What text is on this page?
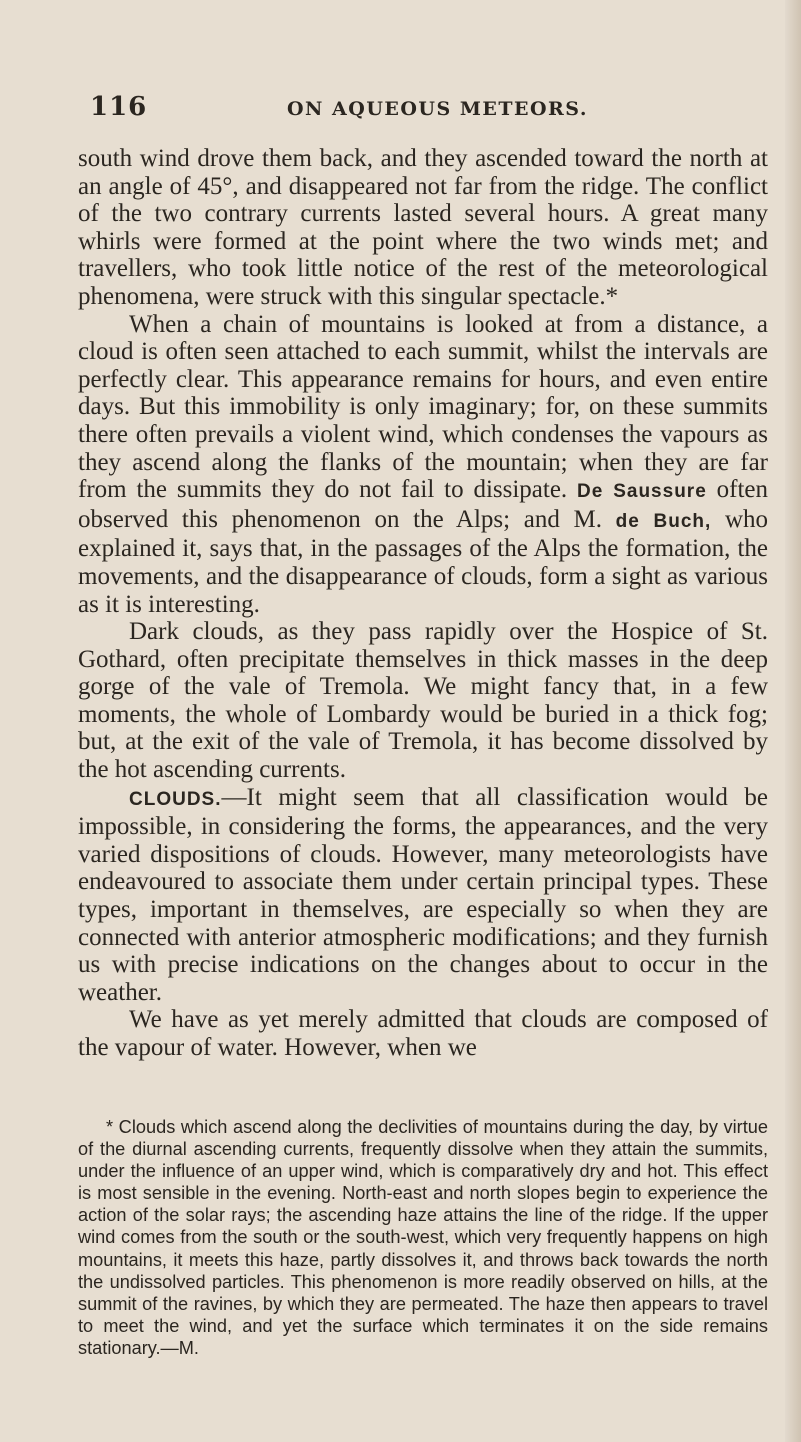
116	ON AQUEOUS METEORS.

south wind drove them back, and they ascended toward the north at an angle of 45°, and disappeared not far from the ridge. The conflict of the two contrary currents lasted several hours. A great many whirls were formed at the point where the two winds met; and travellers, who took little notice of the rest of the meteorological phenomena, were struck with this singular spectacle.*

When a chain of mountains is looked at from a distance, a cloud is often seen attached to each summit, whilst the intervals are perfectly clear. This appearance remains for hours, and even entire days. But this immobility is only imaginary; for, on these summits there often prevails a violent wind, which condenses the vapours as they ascend along the flanks of the mountain; when they are far from the summits they do not fail to dissipate. De Saussure often observed this phenomenon on the Alps; and M. de Buch, who explained it, says that, in the passages of the Alps the formation, the movements, and the disappearance of clouds, form a sight as various as it is interesting.

Dark clouds, as they pass rapidly over the Hospice of St. Gothard, often precipitate themselves in thick masses in the deep gorge of the vale of Tremola. We might fancy that, in a few moments, the whole of Lombardy would be buried in a thick fog; but, at the exit of the vale of Tremola, it has become dissolved by the hot ascending currents.

CLOUDS.—It might seem that all classification would be impossible, in considering the forms, the appearances, and the very varied dispositions of clouds. However, many meteorologists have endeavoured to associate them under certain principal types. These types, important in themselves, are especially so when they are connected with anterior atmospheric modifications; and they furnish us with precise indications on the changes about to occur in the weather.

We have as yet merely admitted that clouds are composed of the vapour of water. However, when we

* Clouds which ascend along the declivities of mountains during the day, by virtue of the diurnal ascending currents, frequently dissolve when they attain the summits, under the influence of an upper wind, which is comparatively dry and hot. This effect is most sensible in the evening. North-east and north slopes begin to experience the action of the solar rays; the ascending haze attains the line of the ridge. If the upper wind comes from the south or the south-west, which very frequently happens on high mountains, it meets this haze, partly dissolves it, and throws back towards the north the undissolved particles. This phenomenon is more readily observed on hills, at the summit of the ravines, by which they are permeated. The haze then appears to travel to meet the wind, and yet the surface which terminates it on the side remains stationary.—M.
